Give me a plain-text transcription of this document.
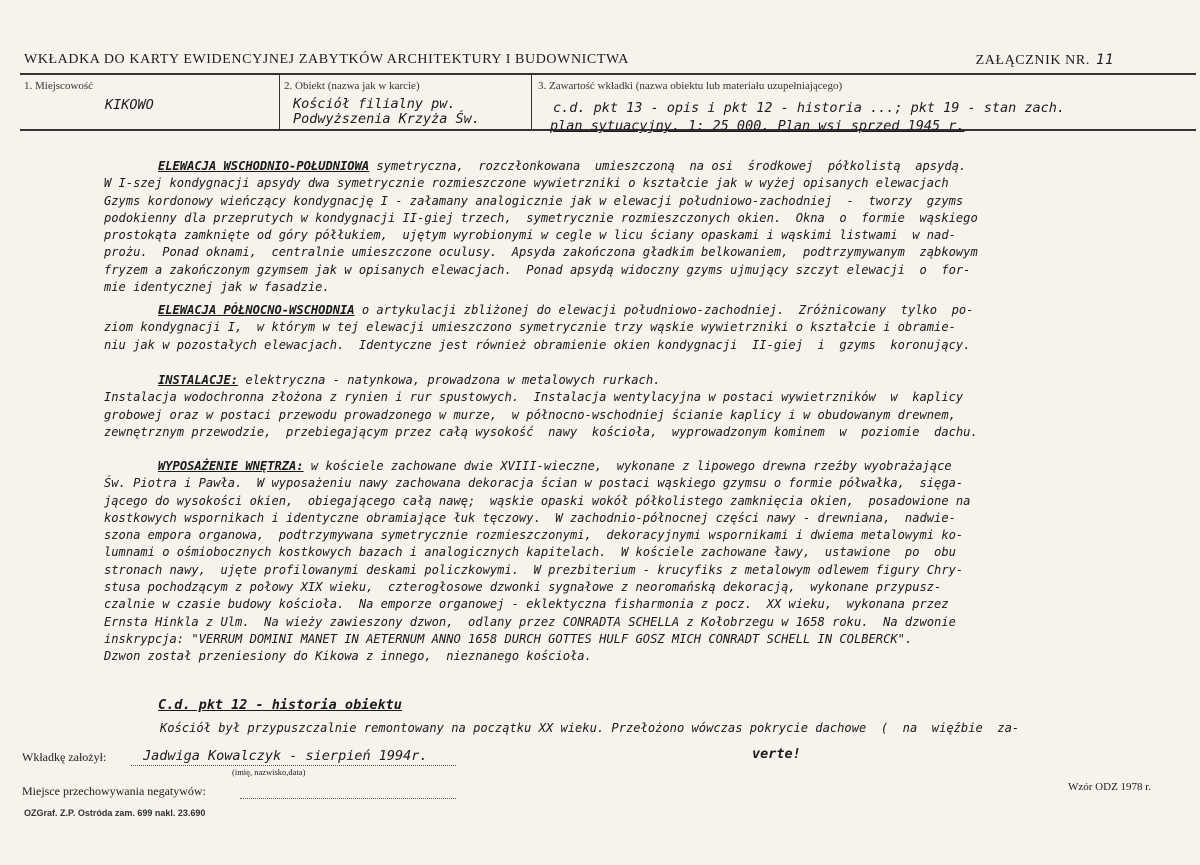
WKŁADKA DO KARTY EWIDENCYJNEJ ZABYTKÓW ARCHITEKTURY I BUDOWNICTWA	ZAŁĄCZNIK NR. 11
1. Miejscowość
KIKOWO
2. Obiekt (nazwa jak w karcie)
Kościół filialny pw.
Podwyższenia Krzyża Św.
3. Zawartość wkładki (nazwa obiektu lub materiału uzupełniającego)
c.d. pkt 13 - opis i pkt 12 - historia ...; pkt 19 - stan zach.
plan sytuacyjny. 1: 25 000. Plan wsi sprzed 1945 r.
ELEWACJA WSCHODNIO-POŁUDNIOWA symetryczna,  rozczłonkowana  umieszczoną  na osi  środkowej  półkolistą  apsydą.
W I-szej kondygnacji apsydy dwa symetrycznie rozmieszczone wywietrzniki o kształcie jak w wyżej opisanych elewacjach
Gzyms kordonowy wieńczący kondygnację I - załamany analogicznie jak w elewacji południowo-zachodniej  -  tworzy  gzyms
podokienny dla przeprutych w kondygnacji II-giej trzech,  symetrycznie rozmieszczonych okien.  Okna  o  formie  wąskiego
prostokąta zamknięte od góry półłukiem,  ujętym wyrobionymi w cegle w licu ściany opaskami i wąskimi listwami  w nad-
prożu.  Ponad oknami,  centralnie umieszczone oculusy.  Apsyda zakończona gładkim belkowaniem,  podtrzymywanym  ząbkowym
fryzem a zakończonym gzymsem jak w opisanych elewacjach.  Ponad apsydą widoczny gzyms ujmujący szczyt elewacji  o  for-
mie identycznej jak w fasadzie.
ELEWACJA PÓŁNOCNO-WSCHODNIA o artykulacji zbliżonej do elewacji południowo-zachodniej.  Zróżnicowany  tylko  po-
ziom kondygnacji I,  w którym w tej elewacji umieszczono symetrycznie trzy wąskie wywietrzniki o kształcie i obramie-
niu jak w pozostałych elewacjach.  Identyczne jest również obramienie okien kondygnacji  II-giej  i  gzyms  koronujący.
INSTALACJE: elektryczna - natynkowa, prowadzona w metalowych rurkach.
Instalacja wodochronna złożona z rynien i rur spustowych.  Instalacja wentylacyjna w postaci wywietrzników  w  kaplicy
grobowej oraz w postaci przewodu prowadzonego w murze,  w północno-wschodniej ścianie kaplicy i w obudowanym drewnem,
zewnętrznym przewodzie,  przebiegającym przez całą wysokość  nawy  kościoła,  wyprowadzonym kominem  w  poziomie  dachu.
WYPOSAŻENIE WNĘTRZA: w kościele zachowane dwie XVIII-wieczne,  wykonane z lipowego drewna rzeźby wyobrażające
Św. Piotra i Pawła.  W wyposażeniu nawy zachowana dekoracja ścian w postaci wąskiego gzymsu o formie półwałka,  sięga-
jącego do wysokości okien,  obiegającego całą nawę;  wąskie opaski wokół półkolistego zamknięcia okien,  posadowione na
kostkowych wspornikach i identyczne obramiające łuk tęczowy.  W zachodnio-północnej części nawy - drewniana,  nadwie-
szona empora organowa,  podtrzymywana symetrycznie rozmieszczonymi,  dekoracyjnymi wspornikami i dwiema metalowymi ko-
lumnami o ośmiobocznych kostkowych bazach i analogicznych kapitelach.  W kościele zachowane ławy,  ustawione  po  obu
stronach nawy,  ujęte profilowanymi deskami policzkowymi.  W prezbiterium - krucyfiks z metalowym odlewem figury Chry-
stusa pochodzącym z połowy XIX wieku,  czterogłosowe dzwonki sygnałowe z neoromańską dekoracją,  wykonane przypusz-
czalnie w czasie budowy kościoła.  Na emporze organowej - eklektyczna fisharmonia z pocz.  XX wieku,  wykonana przez
Ernsta Hinkla z Ulm.  Na wieży zawieszony dzwon,  odlany przez CONRADTA SCHELLA z Kołobrzegu w 1658 roku.  Na dzwonie
inskrypcja: "VERRUM DOMINI MANET IN AETERNUM ANNO 1658 DURCH GOTTES HULF GOSZ MICH CONRADT SCHELL IN COLBERCK".
Dzwon został przeniesiony do Kikowa z innego,  nieznanego kościoła.
C.d. pkt 12 - historia obiektu
Kościół był przypuszczalnie remontowany na początku XX wieku. Przełożono wówczas pokrycie dachowe  (  na  więźbie  za-
Wkładkę założył:	Jadwiga Kowalczyk - sierpień 1994r.
(imię, nazwisko,data)
verte!
Wzór ODZ 1978 r.
Miejsce przechowywania negatywów:
OZGraf. Z.P. Ostróda zam. 699 nakl. 23.690
